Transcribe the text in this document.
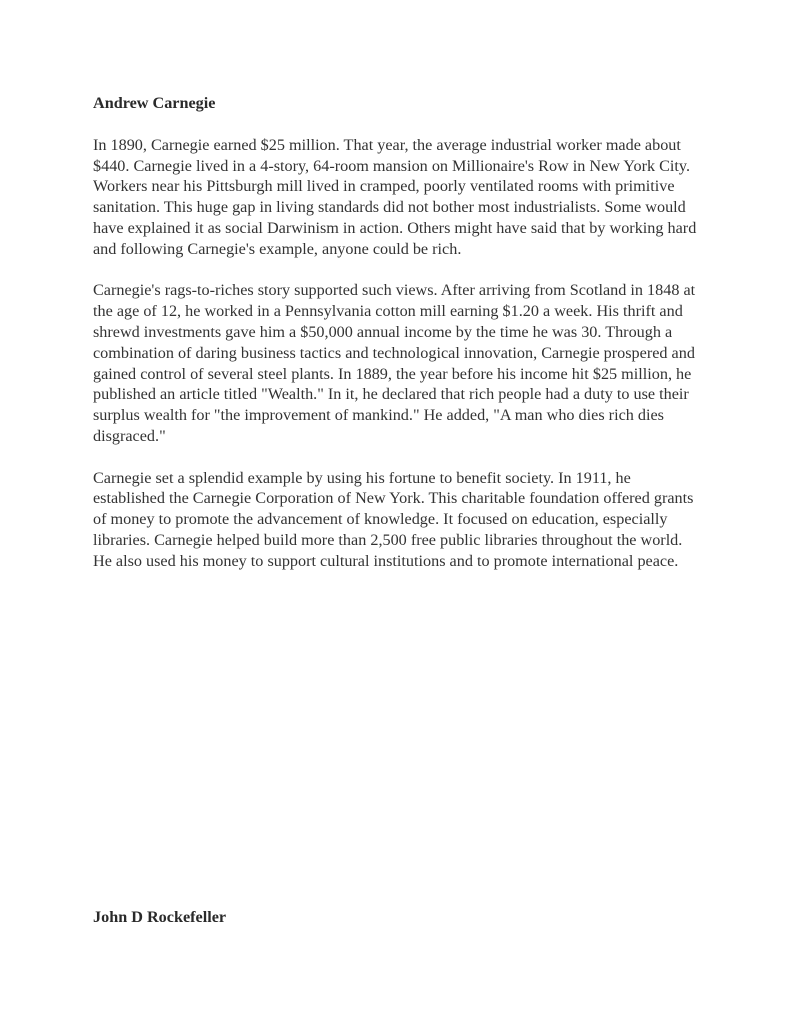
Andrew Carnegie

In 1890, Carnegie earned $25 million. That year, the average industrial worker made about $440. Carnegie lived in a 4-story, 64-room mansion on Millionaire's Row in New York City. Workers near his Pittsburgh mill lived in cramped, poorly ventilated rooms with primitive sanitation. This huge gap in living standards did not bother most industrialists. Some would have explained it as social Darwinism in action. Others might have said that by working hard and following Carnegie's example, anyone could be rich.

Carnegie's rags-to-riches story supported such views. After arriving from Scotland in 1848 at the age of 12, he worked in a Pennsylvania cotton mill earning $1.20 a week. His thrift and shrewd investments gave him a $50,000 annual income by the time he was 30. Through a combination of daring business tactics and technological innovation, Carnegie prospered and gained control of several steel plants. In 1889, the year before his income hit $25 million, he published an article titled "Wealth." In it, he declared that rich people had a duty to use their surplus wealth for "the improvement of mankind." He added, "A man who dies rich dies disgraced."

Carnegie set a splendid example by using his fortune to benefit society. In 1911, he established the Carnegie Corporation of New York. This charitable foundation offered grants of money to promote the advancement of knowledge. It focused on education, especially libraries. Carnegie helped build more than 2,500 free public libraries throughout the world. He also used his money to support cultural institutions and to promote international peace.

John D Rockefeller
